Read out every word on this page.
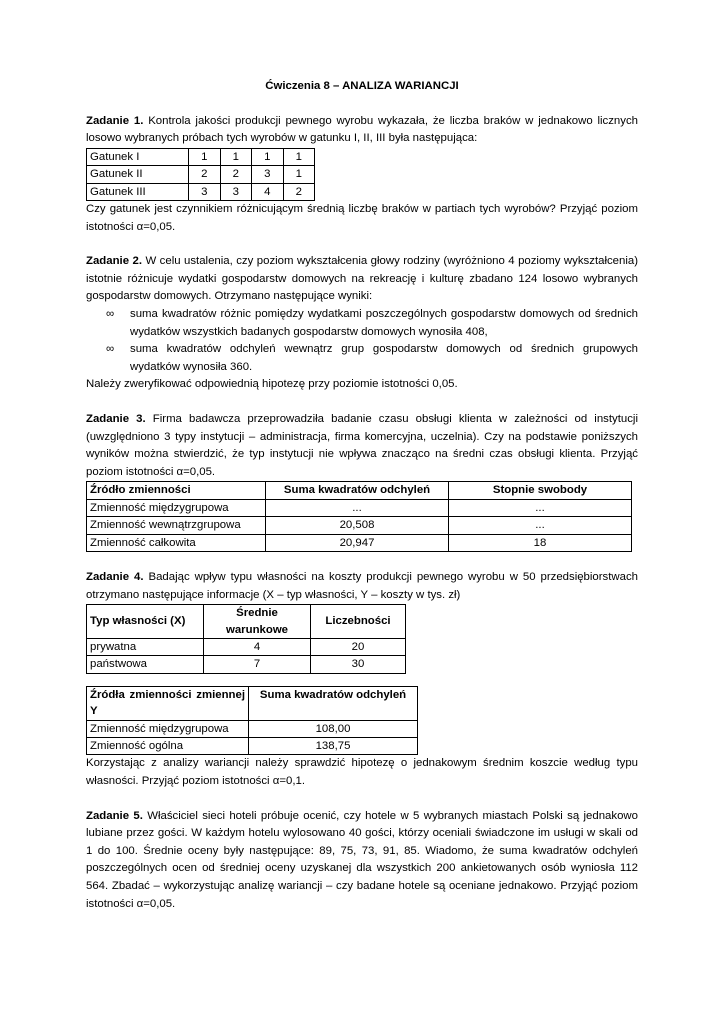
Ćwiczenia 8 – ANALIZA WARIANCJI

Zadanie 1. Kontrola jakości produkcji pewnego wyrobu wykazała, że liczba braków w jednakowo licznych losowo wybranych próbach tych wyrobów w gatunku I, II, III była następująca:

Gatunek I	1	1	1	1
Gatunek II	2	2	3	1
Gatunek III	3	3	4	2

Czy gatunek jest czynnikiem różnicującym średnią liczbę braków w partiach tych wyrobów? Przyjąć poziom istotności α=0,05.

Zadanie 2. W celu ustalenia, czy poziom wykształcenia głowy rodziny (wyróżniono 4 poziomy wykształcenia) istotnie różnicuje wydatki gospodarstw domowych na rekreację i kulturę zbadano 124 losowo wybranych gospodarstw domowych. Otrzymano następujące wyniki:

∞ suma kwadratów różnic pomiędzy wydatkami poszczególnych gospodarstw domowych od średnich wydatków wszystkich badanych gospodarstw domowych wynosiła 408,
∞ suma kwadratów odchyleń wewnątrz grup gospodarstw domowych od średnich grupowych wydatków wynosiła 360.

Należy zweryfikować odpowiednią hipotezę przy poziomie istotności 0,05.

Zadanie 3. Firma badawcza przeprowadziła badanie czasu obsługi klienta w zależności od instytucji (uwzględniono 3 typy instytucji – administracja, firma komercyjna, uczelnia). Czy na podstawie poniższych wyników można stwierdzić, że typ instytucji nie wpływa znacząco na średni czas obsługi klienta. Przyjąć poziom istotności α=0,05.

Źródło zmienności	Suma kwadratów odchyleń	Stopnie swobody
Zmienność międzygrupowa	...	...
Zmienność wewnątrzgrupowa	20,508	...
Zmienność całkowita	20,947	18

Zadanie 4. Badając wpływ typu własności na koszty produkcji pewnego wyrobu w 50 przedsiębiorstwach otrzymano następujące informacje (X – typ własności, Y – koszty w tys. zł)

Typ własności (X)	Średnie warunkowe	Liczebności
prywatna	4	20
państwowa	7	30
Źródła zmienności zmiennej Y	Suma kwadratów odchyleń
Zmienność międzygrupowa	108,00
Zmienność ogólna	138,75

Korzystając z analizy wariancji należy sprawdzić hipotezę o jednakowym średnim koszcie według typu własności. Przyjąć poziom istotności α=0,1.

Zadanie 5. Właściciel sieci hoteli próbuje ocenić, czy hotele w 5 wybranych miastach Polski są jednakowo lubiane przez gości. W każdym hotelu wylosowano 40 gości, którzy oceniali świadczone im usługi w skali od 1 do 100. Średnie oceny były następujące: 89, 75, 73, 91, 85. Wiadomo, że suma kwadratów odchyleń poszczególnych ocen od średniej oceny uzyskanej dla wszystkich 200 ankietowanych osób wyniosła 112 564. Zbadać – wykorzystując analizę wariancji – czy badane hotele są oceniane jednakowo. Przyjąć poziom istotności α=0,05.
